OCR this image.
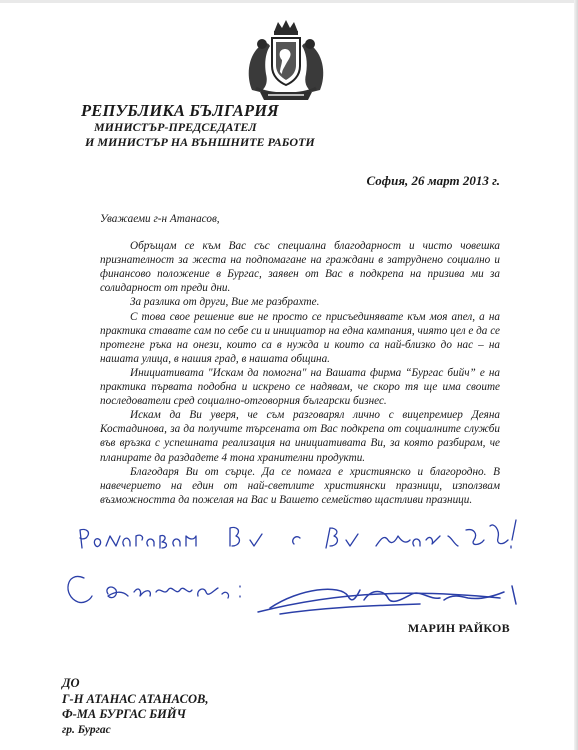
РЕПУБЛИКА БЪЛГАРИЯ
МИНИСТЪР-ПРЕДСЕДАТЕЛ
И МИНИСТЪР НА ВЪНШНИТЕ РАБОТИ
София, 26 март 2013 г.

Уважаеми г-н Атанасов,

Обръщам се към Вас със специална благодарност и чисто човешка признателност за жеста на подпомагане на граждани в затруднено социално и финансово положение в Бургас, заявен от Вас в подкрепа на призива ми за солидарност от преди дни.

За разлика от други, Вие ме разбрахте.

С това свое решение вие не просто се присъединявате към моя апел, а на практика ставате сам по себе си и инициатор на една кампания, чиято цел е да се протегне ръка на онези, които са в нужда и които са най-близко до нас – на нашата улица, в нашия град, в нашата община.

Инициативата "Искам да помогна" на Вашата фирма “Бургас бийч” е на практика първата подобна и искрено се надявам, че скоро тя ще има своите последователи сред социално-отговорния български бизнес.

Искам да Ви уверя, че съм разговарял лично с вицепремиер Деяна Костадинова, за да получите търсената от Вас подкрепа от социалните служби във връзка с успешната реализация на инициативата Ви, за която разбирам, че планирате да раздадете 4 тона хранителни продукти.

Благодаря Ви от сърце. Да се помага е християнско и благородно. В навечерието на един от най-светлите християнски празници, използвам възможността да пожелая на Вас и Вашето семейство щастливи празници.

МАРИН РАЙКОВ
ДО
Г-Н АТАНАС АТАНАСОВ,
Ф-МА БУРГАС БИЙЧ
гр. Бургас
